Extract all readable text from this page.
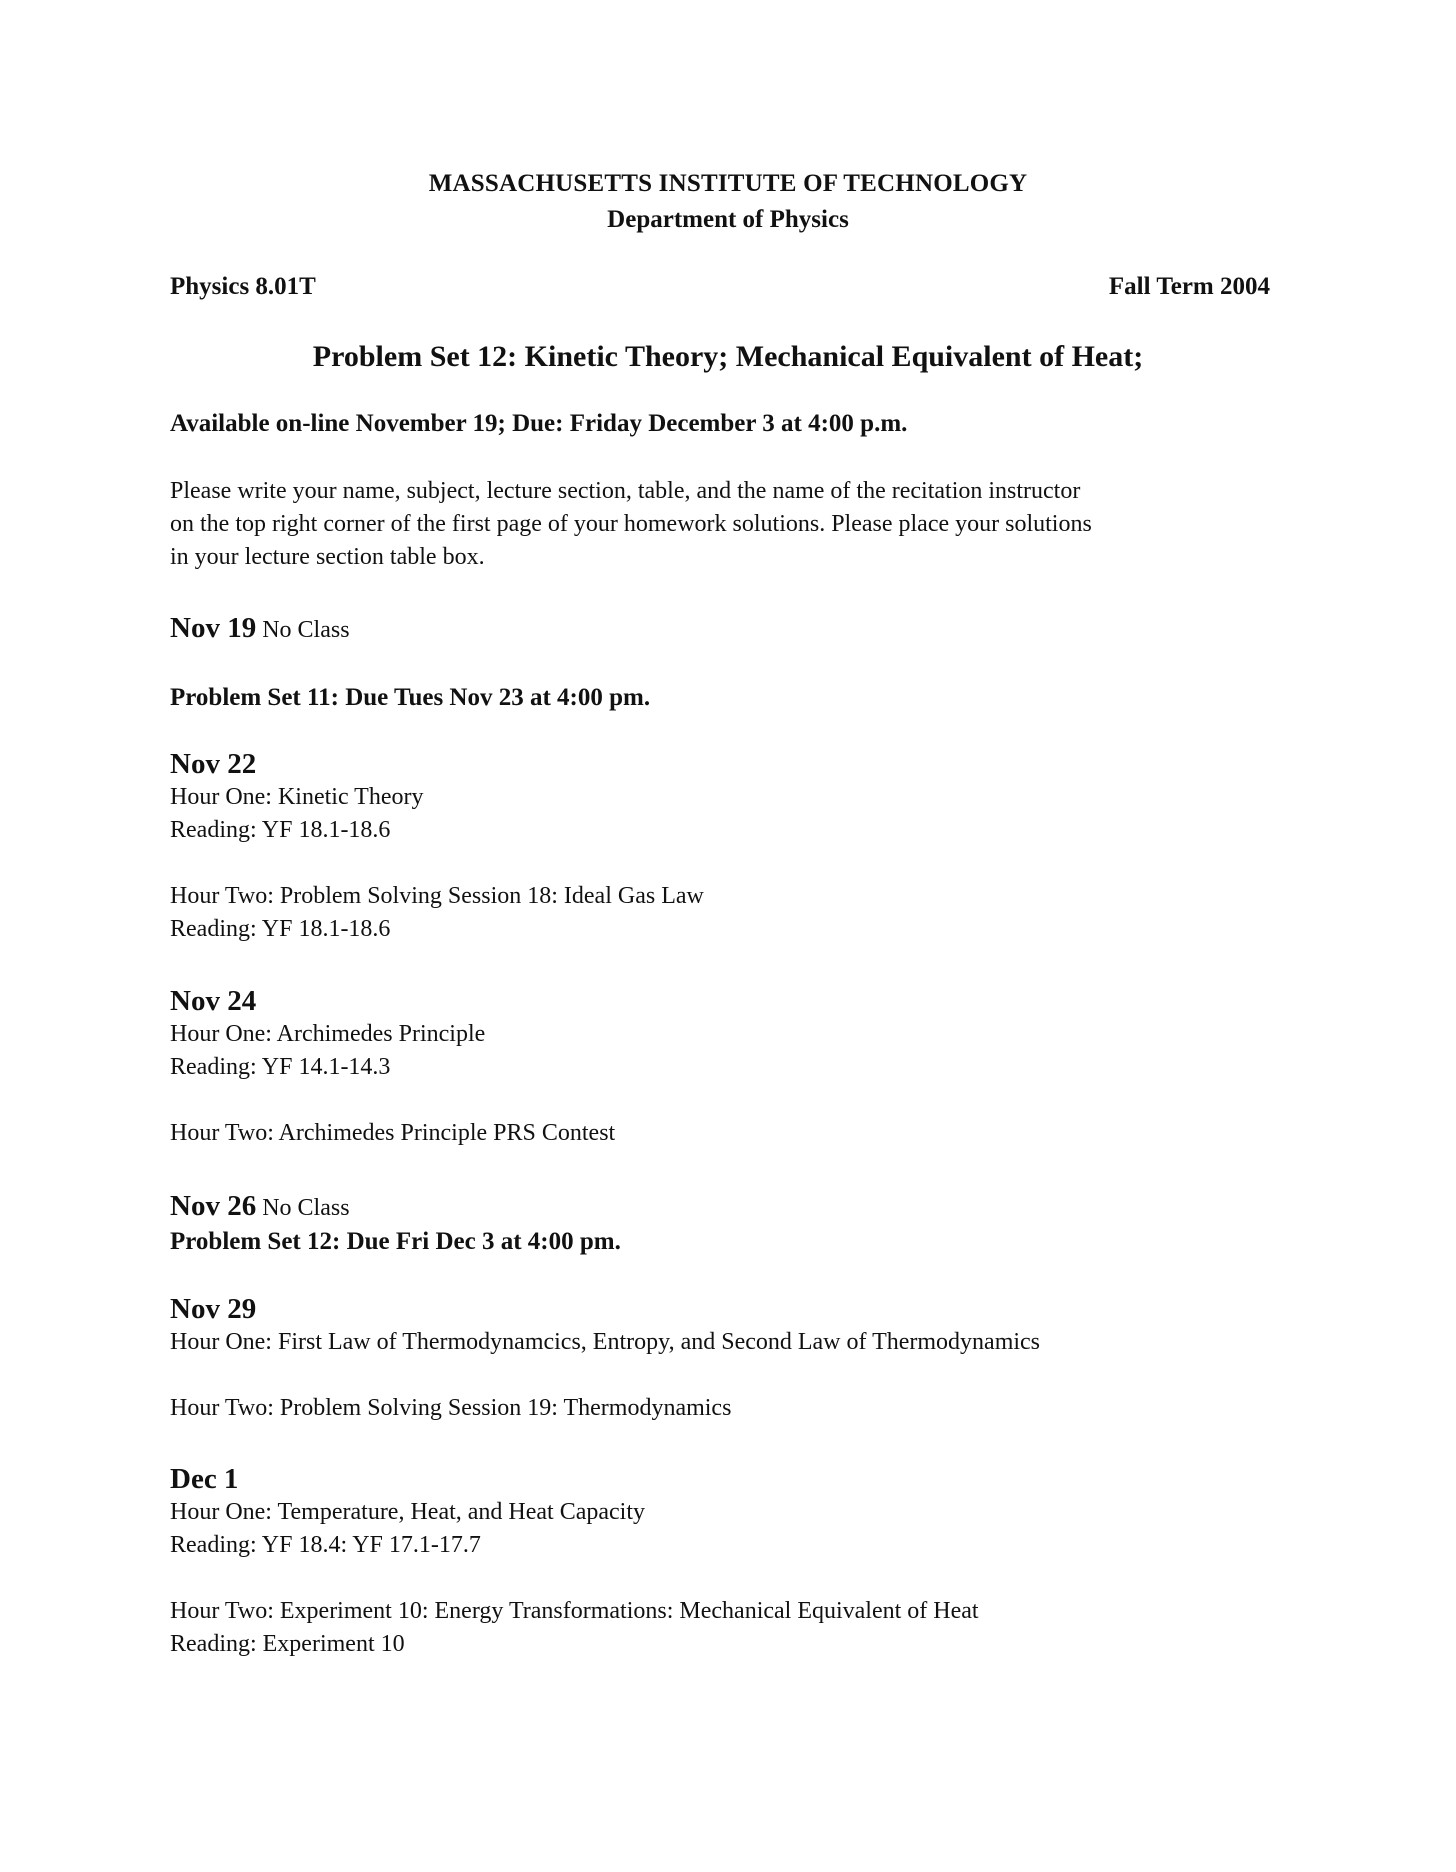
MASSACHUSETTS INSTITUTE OF TECHNOLOGY
Department of Physics
Physics 8.01T	Fall Term 2004
Problem Set 12: Kinetic Theory; Mechanical Equivalent of Heat;
Available on-line November 19; Due: Friday December 3 at 4:00 p.m.
Please write your name, subject, lecture section, table, and the name of the recitation instructor
on the top right corner of the first page of your homework solutions. Please place your solutions
in your lecture section table box.
Nov 19 No Class
Problem Set 11: Due Tues Nov 23 at 4:00 pm.
Nov 22
Hour One: Kinetic Theory
Reading: YF 18.1-18.6
Hour Two: Problem Solving Session 18: Ideal Gas Law
Reading: YF 18.1-18.6
Nov 24
Hour One: Archimedes Principle
Reading: YF 14.1-14.3
Hour Two: Archimedes Principle PRS Contest
Nov 26 No Class
Problem Set 12: Due Fri Dec 3 at 4:00 pm.
Nov 29
Hour One: First Law of Thermodynamcics, Entropy, and Second Law of Thermodynamics
Hour Two: Problem Solving Session 19: Thermodynamics
Dec 1
Hour One: Temperature, Heat, and Heat Capacity
Reading: YF 18.4: YF 17.1-17.7
Hour Two: Experiment 10: Energy Transformations: Mechanical Equivalent of Heat
Reading: Experiment 10
